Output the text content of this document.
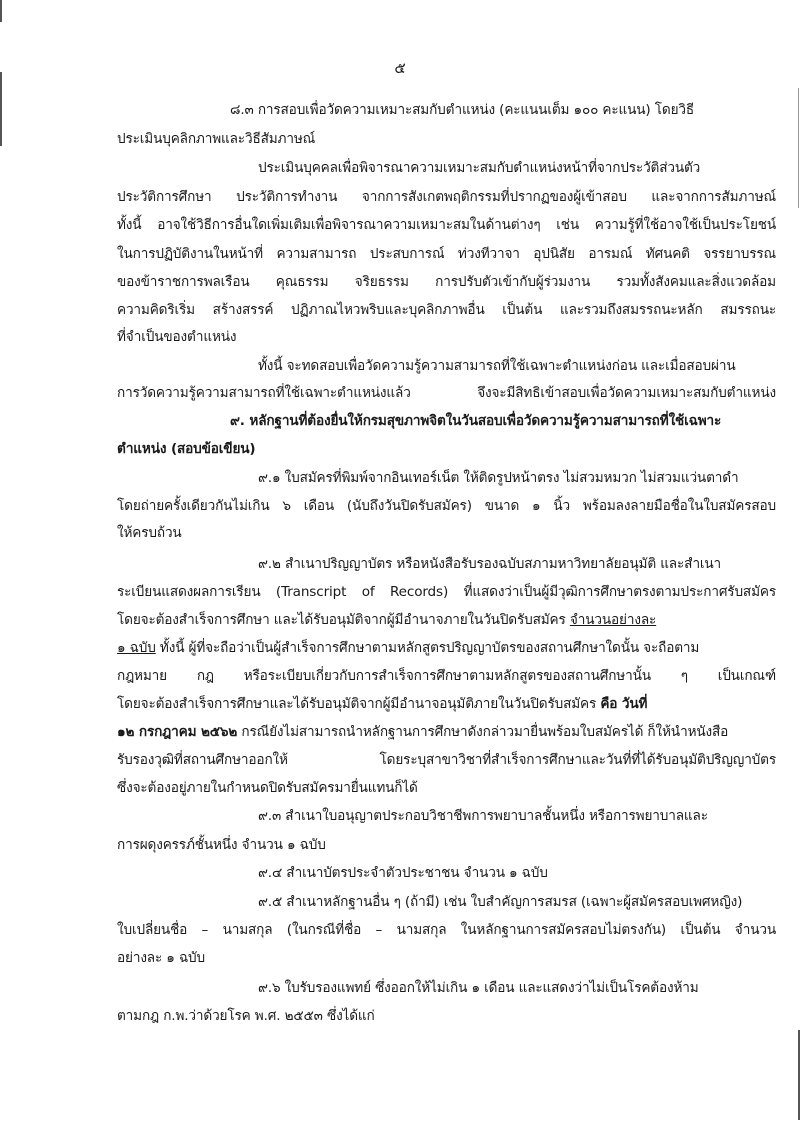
๕
๘.๓ การสอบเพื่อวัดความเหมาะสมกับตำแหน่ง (คะแนนเต็ม ๑๐๐ คะแนน) โดยวิธี
ประเมินบุคลิกภาพและวิธีสัมภาษณ์
ประเมินบุคคลเพื่อพิจารณาความเหมาะสมกับตำแหน่งหน้าที่จากประวัติส่วนตัว
ประวัติการศึกษา ประวัติการทำงาน จากการสังเกตพฤติกรรมที่ปรากฏของผู้เข้าสอบ และจากการสัมภาษณ์
ทั้งนี้ อาจใช้วิธีการอื่นใดเพิ่มเติมเพื่อพิจารณาความเหมาะสมในด้านต่างๆ เช่น ความรู้ที่ใช้อาจใช้เป็นประโยชน์
ในการปฏิบัติงานในหน้าที่ ความสามารถ ประสบการณ์ ท่วงทีวาจา อุปนิสัย อารมณ์ ทัศนคติ จรรยาบรรณ
ของข้าราชการพลเรือน คุณธรรม จริยธรรม การปรับตัวเข้ากับผู้ร่วมงาน รวมทั้งสังคมและสิ่งแวดล้อม
ความคิดริเริ่ม สร้างสรรค์ ปฏิภาณไหวพริบและบุคลิกภาพอื่น เป็นต้น และรวมถึงสมรรถนะหลัก สมรรถนะ
ที่จำเป็นของตำแหน่ง
ทั้งนี้ จะทดสอบเพื่อวัดความรู้ความสามารถที่ใช้เฉพาะตำแหน่งก่อน และเมื่อสอบผ่าน
การวัดความรู้ความสามารถที่ใช้เฉพาะตำแหน่งแล้ว จึงจะมีสิทธิเข้าสอบเพื่อวัดความเหมาะสมกับตำแหน่ง
๙. หลักฐานที่ต้องยื่นให้กรมสุขภาพจิตในวันสอบเพื่อวัดความรู้ความสามารถที่ใช้เฉพาะ
ตำแหน่ง (สอบข้อเขียน)
๙.๑ ใบสมัครที่พิมพ์จากอินเทอร์เน็ต ให้ติดรูปหน้าตรง ไม่สวมหมวก ไม่สวมแว่นตาดำ
โดยถ่ายครั้งเดียวกันไม่เกิน ๖ เดือน (นับถึงวันปิดรับสมัคร) ขนาด ๑ นิ้ว พร้อมลงลายมือชื่อในใบสมัครสอบ
ให้ครบถ้วน
๙.๒ สำเนาปริญญาบัตร หรือหนังสือรับรองฉบับสภามหาวิทยาลัยอนุมัติ และสำเนา
ระเบียนแสดงผลการเรียน (Transcript of Records) ที่แสดงว่าเป็นผู้มีวุฒิการศึกษาตรงตามประกาศรับสมัคร
โดยจะต้องสำเร็จการศึกษา และได้รับอนุมัติจากผู้มีอำนาจภายในวันปิดรับสมัคร จำนวนอย่างละ
๑ ฉบับ ทั้งนี้ ผู้ที่จะถือว่าเป็นผู้สำเร็จการศึกษาตามหลักสูตรปริญญาบัตรของสถานศึกษาใดนั้น จะถือตาม
กฎหมาย กฎ หรือระเบียบเกี่ยวกับการสำเร็จการศึกษาตามหลักสูตรของสถานศึกษานั้น ๆ เป็นเกณฑ์
โดยจะต้องสำเร็จการศึกษาและได้รับอนุมัติจากผู้มีอำนาจอนุมัติภายในวันปิดรับสมัคร คือ วันที่
๑๒ กรกฎาคม ๒๕๖๒ กรณียังไม่สามารถนำหลักฐานการศึกษาดังกล่าวมายื่นพร้อมใบสมัครได้ ก็ให้นำหนังสือ
รับรองวุฒิที่สถานศึกษาออกให้ โดยระบุสาขาวิชาที่สำเร็จการศึกษาและวันที่ที่ได้รับอนุมัติปริญญาบัตร
ซึ่งจะต้องอยู่ภายในกำหนดปิดรับสมัครมายื่นแทนก็ได้
๙.๓ สำเนาใบอนุญาตประกอบวิชาชีพการพยาบาลชั้นหนึ่ง หรือการพยาบาลและ
การผดุงครรภ์ชั้นหนึ่ง จำนวน ๑ ฉบับ
๙.๔ สำเนาบัตรประจำตัวประชาชน จำนวน ๑ ฉบับ
๙.๕ สำเนาหลักฐานอื่น ๆ (ถ้ามี) เช่น ใบสำคัญการสมรส (เฉพาะผู้สมัครสอบเพศหญิง)
ใบเปลี่ยนชื่อ – นามสกุล (ในกรณีที่ชื่อ – นามสกุล ในหลักฐานการสมัครสอบไม่ตรงกัน) เป็นต้น จำนวน
อย่างละ ๑ ฉบับ
๙.๖ ใบรับรองแพทย์ ซึ่งออกให้ไม่เกิน ๑ เดือน และแสดงว่าไม่เป็นโรคต้องห้าม
ตามกฎ ก.พ.ว่าด้วยโรค พ.ศ. ๒๕๕๓ ซึ่งได้แก่
